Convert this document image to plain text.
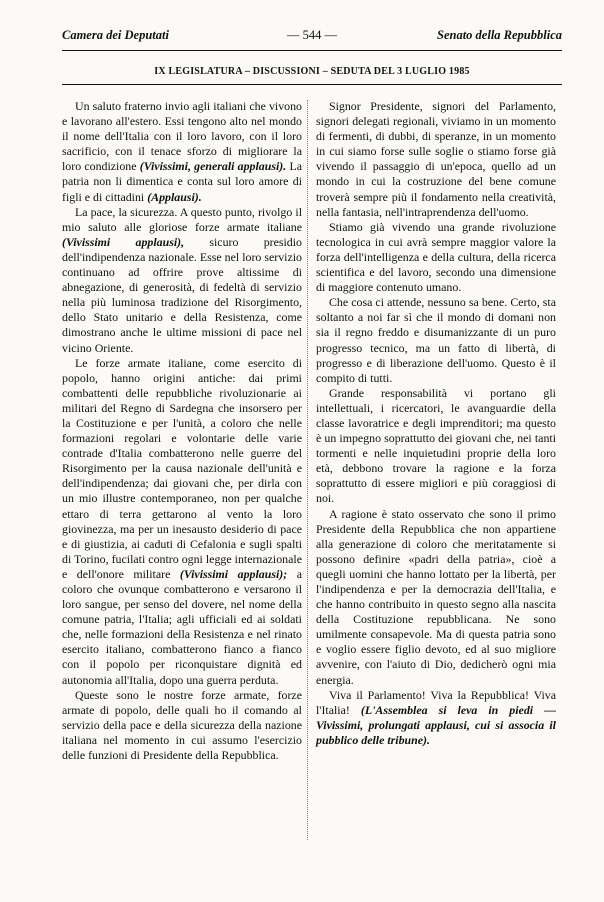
Camera dei Deputati	— 544 —	Senato della Repubblica
IX LEGISLATURA – DISCUSSIONI – SEDUTA DEL 3 LUGLIO 1985

Un saluto fraterno invio agli italiani che vivono e lavorano all'estero. Essi tengono alto nel mondo il nome dell'Italia con il loro lavoro, con il loro sacrificio, con il tenace sforzo di migliorare la loro condizione (Vivissimi, generali applausi). La patria non li dimentica e conta sul loro amore di figli e di cittadini (Applausi).

La pace, la sicurezza. A questo punto, rivolgo il mio saluto alle gloriose forze armate italiane (Vivissimi applausi), sicuro presidio dell'indipendenza nazionale. Esse nel loro servizio continuano ad offrire prove altissime di abnegazione, di generosità, di fedeltà di servizio nella più luminosa tradizione del Risorgimento, dello Stato unitario e della Resistenza, come dimostrano anche le ultime missioni di pace nel vicino Oriente.

Le forze armate italiane, come esercito di popolo, hanno origini antiche: dai primi combattenti delle repubbliche rivoluzionarie ai militari del Regno di Sardegna che insorsero per la Costituzione e per l'unità, a coloro che nelle formazioni regolari e volontarie delle varie contrade d'Italia combatterono nelle guerre del Risorgimento per la causa nazionale dell'unità e dell'indipendenza; dai giovani che, per dirla con un mio illustre contemporaneo, non per qualche ettaro di terra gettarono al vento la loro giovinezza, ma per un inesausto desiderio di pace e di giustizia, ai caduti di Cefalonia e sugli spalti di Torino, fucilati contro ogni legge internazionale e dell'onore militare (Vivissimi applausi); a coloro che ovunque combatterono e versarono il loro sangue, per senso del dovere, nel nome della comune patria, l'Italia; agli ufficiali ed ai soldati che, nelle formazioni della Resistenza e nel rinato esercito italiano, combatterono fianco a fianco con il popolo per riconquistare dignità ed autonomia all'Italia, dopo una guerra perduta.

Queste sono le nostre forze armate, forze armate di popolo, delle quali ho il comando al servizio della pace e della sicurezza della nazione italiana nel momento in cui assumo l'esercizio delle funzioni di Presidente della Repubblica.

Signor Presidente, signori del Parlamento, signori delegati regionali, viviamo in un momento di fermenti, di dubbi, di speranze, in un momento in cui siamo forse sulle soglie o stiamo forse già vivendo il passaggio di un'epoca, quello ad un mondo in cui la costruzione del bene comune troverà sempre più il fondamento nella creatività, nella fantasia, nell'intraprendenza dell'uomo.

Stiamo già vivendo una grande rivoluzione tecnologica in cui avrà sempre maggior valore la forza dell'intelligenza e della cultura, della ricerca scientifica e del lavoro, secondo una dimensione di maggiore contenuto umano.

Che cosa ci attende, nessuno sa bene. Certo, sta soltanto a noi far sì che il mondo di domani non sia il regno freddo e disumanizzante di un puro progresso tecnico, ma un fatto di libertà, di progresso e di liberazione dell'uomo. Questo è il compito di tutti.

Grande responsabilità vi portano gli intellettuali, i ricercatori, le avanguardie della classe lavoratrice e degli imprenditori; ma questo è un impegno soprattutto dei giovani che, nei tanti tormenti e nelle inquietudini proprie della loro età, debbono trovare la ragione e la forza soprattutto di essere migliori e più coraggiosi di noi.

A ragione è stato osservato che sono il primo Presidente della Repubblica che non appartiene alla generazione di coloro che meritatamente si possono definire «padri della patria», cioè a quegli uomini che hanno lottato per la libertà, per l'indipendenza e per la democrazia dell'Italia, e che hanno contribuito in questo segno alla nascita della Costituzione repubblicana. Ne sono umilmente consapevole. Ma di questa patria sono e voglio essere figlio devoto, ed al suo migliore avvenire, con l'aiuto di Dio, dedicherò ogni mia energia.

Viva il Parlamento! Viva la Repubblica! Viva l'Italia! (L'Assemblea si leva in piedi — Vivissimi, prolungati applausi, cui si associa il pubblico delle tribune).
